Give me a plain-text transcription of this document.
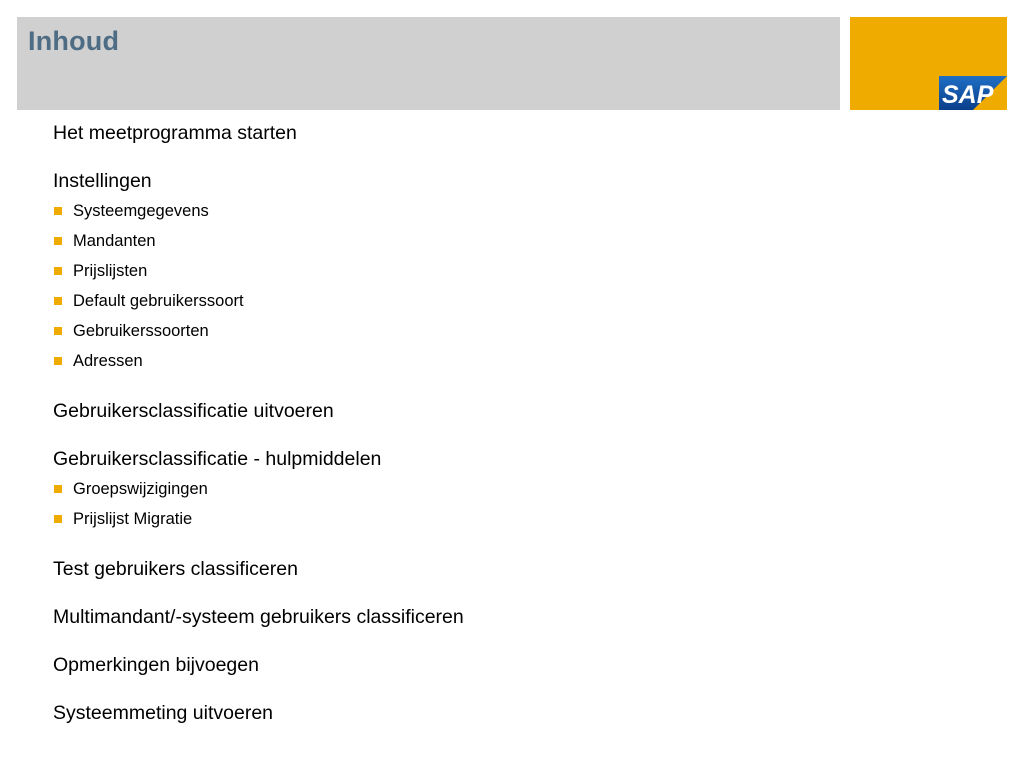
Inhoud
SAP
Het meetprogramma starten
Instellingen
Systeemgegevens
Mandanten
Prijslijsten
Default gebruikerssoort
Gebruikerssoorten
Adressen
Gebruikersclassificatie uitvoeren
Gebruikersclassificatie - hulpmiddelen
Groepswijzigingen
Prijslijst Migratie
Test gebruikers classificeren
Multimandant/-systeem gebruikers classificeren
Opmerkingen bijvoegen
Systeemmeting uitvoeren
